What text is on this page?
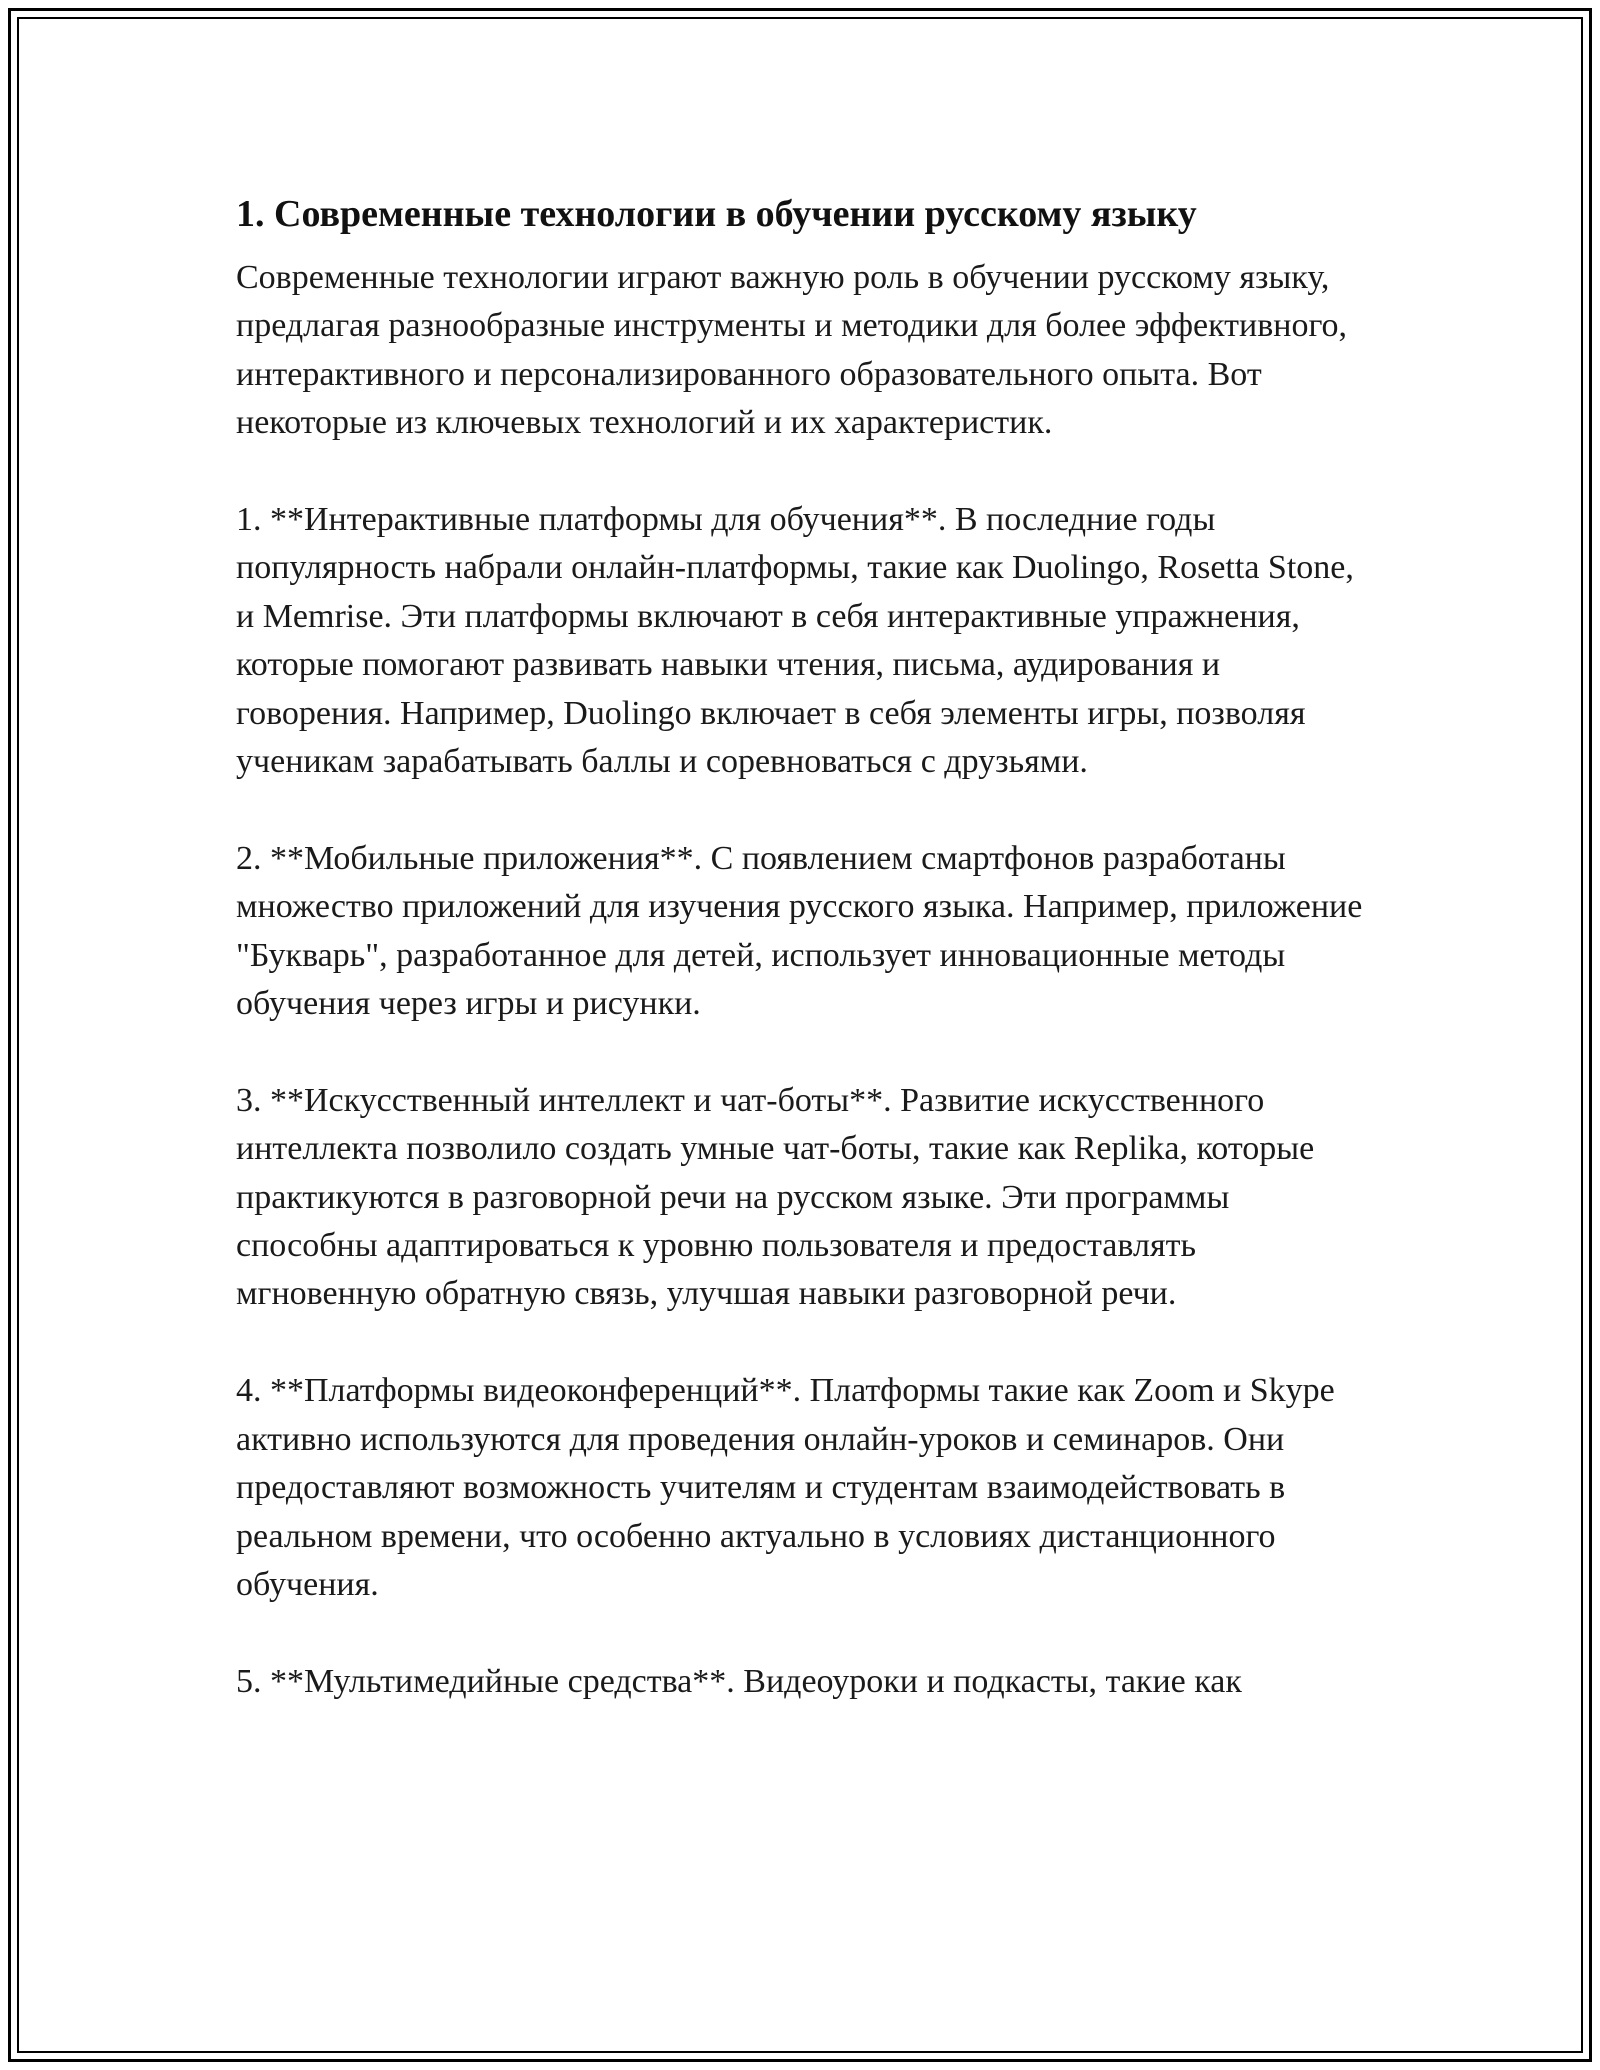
1. Современные технологии в обучении русскому языку

Современные технологии играют важную роль в обучении русскому языку, предлагая разнообразные инструменты и методики для более эффективного, интерактивного и персонализированного образовательного опыта. Вот некоторые из ключевых технологий и их характеристик.

1. **Интерактивные платформы для обучения**. В последние годы популярность набрали онлайн-платформы, такие как Duolingo, Rosetta Stone, и Memrise. Эти платформы включают в себя интерактивные упражнения, которые помогают развивать навыки чтения, письма, аудирования и говорения. Например, Duolingo включает в себя элементы игры, позволяя ученикам зарабатывать баллы и соревноваться с друзьями.

2. **Мобильные приложения**. С появлением смартфонов разработаны множество приложений для изучения русского языка. Например, приложение "Букварь", разработанное для детей, использует инновационные методы обучения через игры и рисунки.

3. **Искусственный интеллект и чат-боты**. Развитие искусственного интеллекта позволило создать умные чат-боты, такие как Replika, которые практикуются в разговорной речи на русском языке. Эти программы способны адаптироваться к уровню пользователя и предоставлять мгновенную обратную связь, улучшая навыки разговорной речи.

4. **Платформы видеоконференций**. Платформы такие как Zoom и Skype активно используются для проведения онлайн-уроков и семинаров. Они предоставляют возможность учителям и студентам взаимодействовать в реальном времени, что особенно актуально в условиях дистанционного обучения.

5. **Мультимедийные средства**. Видеоуроки и подкасты, такие как
